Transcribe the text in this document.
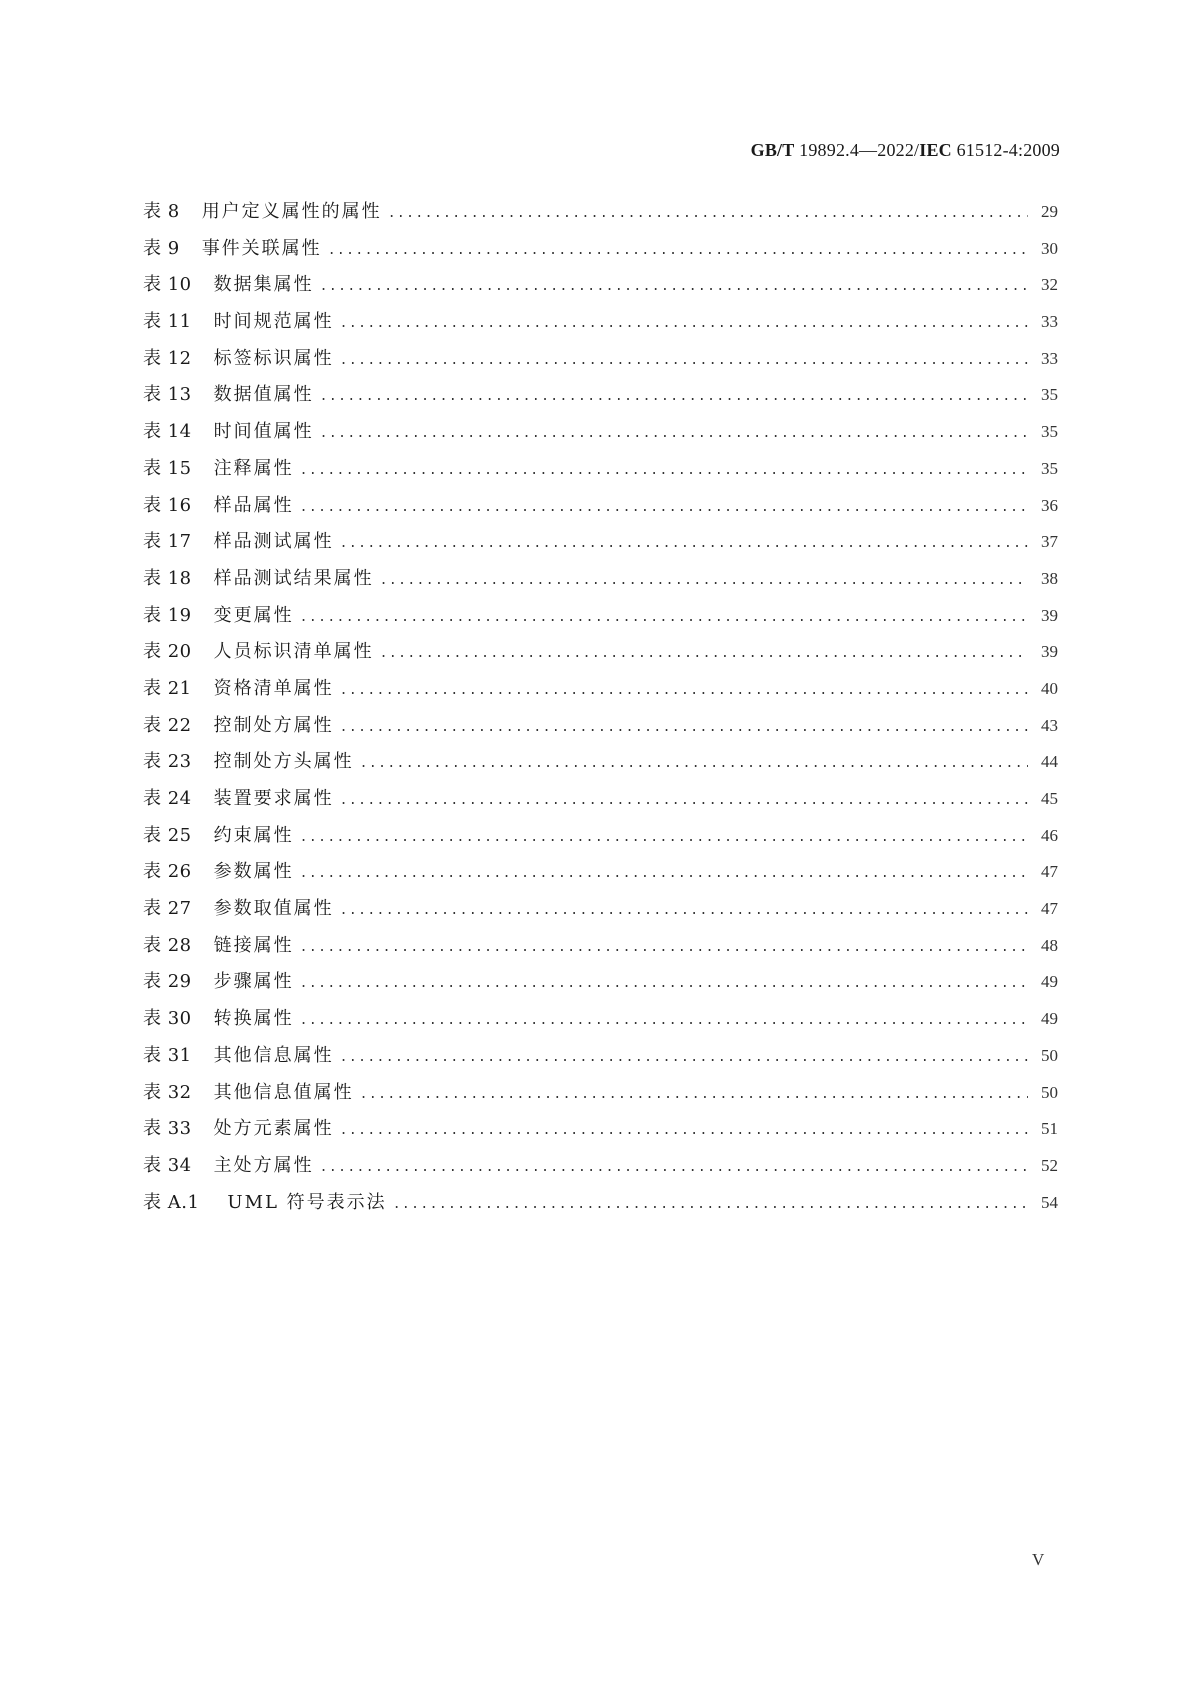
GB/T 19892.4—2022/IEC 61512-4:2009
表 8 用户定义属性的属性 .....	29
表 9 事件关联属性 .....	30
表 10 数据集属性 .....	32
表 11 时间规范属性 .....	33
表 12 标签标识属性 .....	33
表 13 数据值属性 .....	35
表 14 时间值属性 .....	35
表 15 注释属性 .....	35
表 16 样品属性 .....	36
表 17 样品测试属性 .....	37
表 18 样品测试结果属性 .....	38
表 19 变更属性 .....	39
表 20 人员标识清单属性 .....	39
表 21 资格清单属性 .....	40
表 22 控制处方属性 .....	43
表 23 控制处方头属性 .....	44
表 24 装置要求属性 .....	45
表 25 约束属性 .....	46
表 26 参数属性 .....	47
表 27 参数取值属性 .....	47
表 28 链接属性 .....	48
表 29 步骤属性 .....	49
表 30 转换属性 .....	49
表 31 其他信息属性 .....	50
表 32 其他信息值属性 .....	50
表 33 处方元素属性 .....	51
表 34 主处方属性 .....	52
表 A.1 UML 符号表示法 .....	54
V
